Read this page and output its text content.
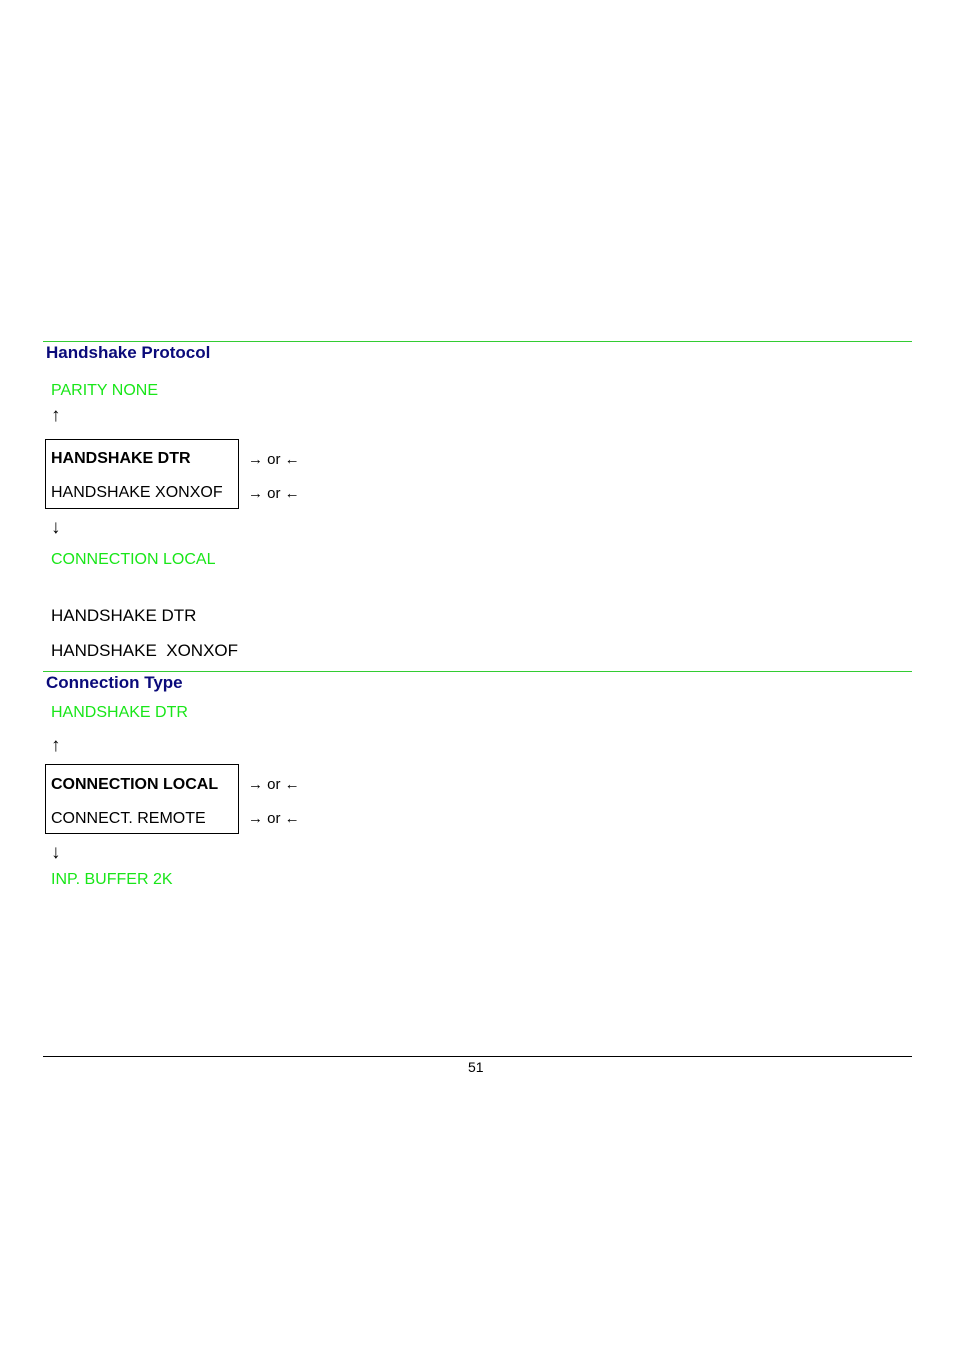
Handshake Protocol
PARITY NONE
↑
HANDSHAKE DTR
HANDSHAKE XONXOF
→ or ←
→ or ←
↓
CONNECTION LOCAL
HANDSHAKE DTR
HANDSHAKE  XONXOF
Connection Type
HANDSHAKE DTR
↑
CONNECTION LOCAL
CONNECT. REMOTE
→ or ←
→ or ←
↓
INP. BUFFER 2K
51
